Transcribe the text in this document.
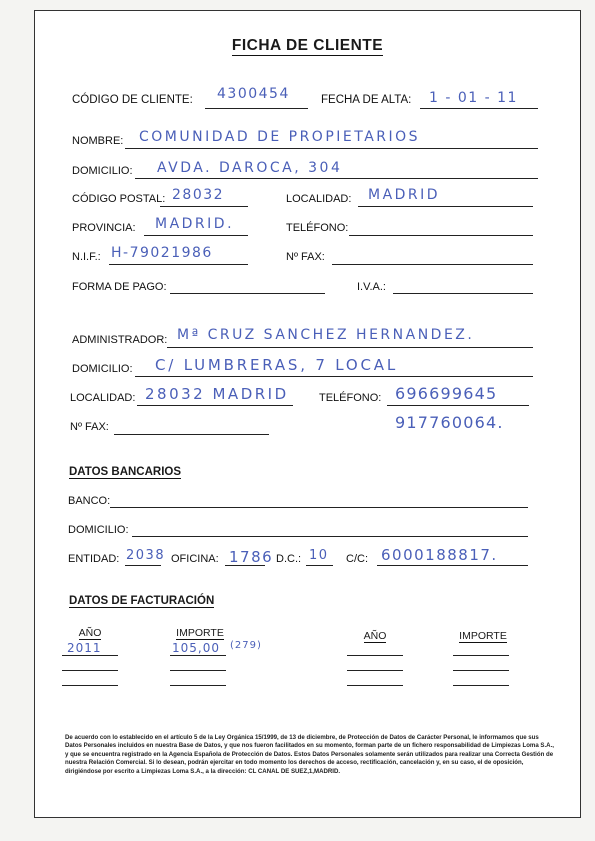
FICHA DE CLIENTE
CÓDIGO DE CLIENTE: 4300454	FECHA DE ALTA: 1 - 01 - 11
NOMBRE: COMUNIDAD DE PROPIETARIOS
DOMICILIO: AVDA. DAROCA, 304
CÓDIGO POSTAL: 28032	LOCALIDAD: MADRID
PROVINCIA: MADRID.	TELÉFONO:
N.I.F.: H-79021986	Nº FAX:
FORMA DE PAGO:	I.V.A.:
ADMINISTRADOR: Mª CRUZ SANCHEZ HERNANDEZ.
DOMICILIO: C/ LUMBRERAS, 7 LOCAL
LOCALIDAD: 28032 MADRID	TELÉFONO: 696699645
917760064.
Nº FAX:
DATOS BANCARIOS
BANCO:
DOMICILIO:
ENTIDAD: 2038 OFICINA: 1786 D.C.: 10 C/C: 6000188817.
DATOS DE FACTURACIÓN
AÑO	IMPORTE	AÑO	IMPORTE
2011	105,00 (279)
De acuerdo con lo establecido en el artículo 5 de la Ley Orgánica 15/1999, de 13 de diciembre, de Protección de Datos de Carácter Personal, le informamos que sus Datos Personales incluidos en nuestra Base de Datos, y que nos fueron facilitados en su momento, forman parte de un fichero responsabilidad de Limpiezas Loma S.A., y que se encuentra registrado en la Agencia Española de Protección de Datos. Estos Datos Personales solamente serán utilizados para realizar una Correcta Gestión de nuestra Relación Comercial. Si lo desean, podrán ejercitar en todo momento los derechos de acceso, rectificación, cancelación y, en su caso, el de oposición, dirigiéndose por escrito a Limpiezas Loma S.A., a la dirección: CL CANAL DE SUEZ,1,MADRID.
